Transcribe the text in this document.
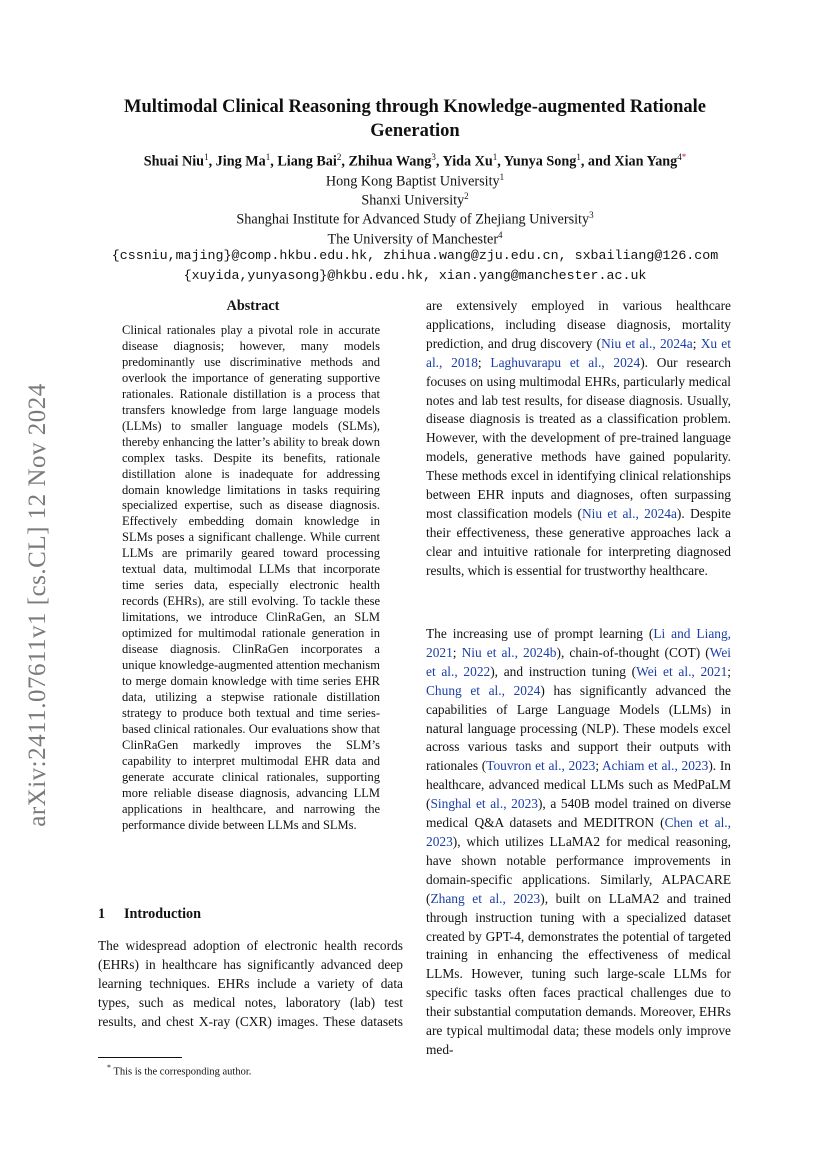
arXiv:2411.07611v1 [cs.CL] 12 Nov 2024
Multimodal Clinical Reasoning through Knowledge-augmented Rationale Generation
Shuai Niu$^1$, Jing Ma$^1$, Liang Bai$^2$, Zhihua Wang$^3$, Yida Xu$^1$, Yunya Song$^1$, and Xian Yang$^{4*}$
Hong Kong Baptist University$^1$
Shanxi University$^2$
Shanghai Institute for Advanced Study of Zhejiang University$^3$
The University of Manchester$^4$
{cssniu,majing}@comp.hkbu.edu.hk, zhihua.wang@zju.edu.cn, sxbailiang@126.com
{xuyida,yunyasong}@hkbu.edu.hk, xian.yang@manchester.ac.uk
Abstract

Clinical rationales play a pivotal role in accurate disease diagnosis; however, many models predominantly use discriminative methods and overlook the importance of generating supportive rationales. Rationale distillation is a process that transfers knowledge from large language models (LLMs) to smaller language models (SLMs), thereby enhancing the latter’s ability to break down complex tasks. Despite its benefits, rationale distillation alone is inadequate for addressing domain knowledge limitations in tasks requiring specialized expertise, such as disease diagnosis. Effectively embedding domain knowledge in SLMs poses a significant challenge. While current LLMs are primarily geared toward processing textual data, multimodal LLMs that incorporate time series data, especially electronic health records (EHRs), are still evolving. To tackle these limitations, we introduce ClinRaGen, an SLM optimized for multimodal rationale generation in disease diagnosis. ClinRaGen incorporates a unique knowledge-augmented attention mechanism to merge domain knowledge with time series EHR data, utilizing a stepwise rationale distillation strategy to produce both textual and time series-based clinical rationales. Our evaluations show that ClinRaGen markedly improves the SLM’s capability to interpret multimodal EHR data and generate accurate clinical rationales, supporting more reliable disease diagnosis, advancing LLM applications in healthcare, and narrowing the performance divide between LLMs and SLMs.

1 Introduction

The widespread adoption of electronic health records (EHRs) in healthcare has significantly advanced deep learning techniques. EHRs include a variety of data types, such as medical notes, laboratory (lab) test results, and chest X-ray (CXR) images. These datasets

are extensively employed in various healthcare applications, including disease diagnosis, mortality prediction, and drug discovery (Niu et al., 2024a; Xu et al., 2018; Laghuvarapu et al., 2024). Our research focuses on using multimodal EHRs, particularly medical notes and lab test results, for disease diagnosis. Usually, disease diagnosis is treated as a classification problem. However, with the development of pre-trained language models, generative methods have gained popularity. These methods excel in identifying clinical relationships between EHR inputs and diagnoses, often surpassing most classification models (Niu et al., 2024a). Despite their effectiveness, these generative approaches lack a clear and intuitive rationale for interpreting diagnosed results, which is essential for trustworthy healthcare.

The increasing use of prompt learning (Li and Liang, 2021; Niu et al., 2024b), chain-of-thought (COT) (Wei et al., 2022), and instruction tuning (Wei et al., 2021; Chung et al., 2024) has significantly advanced the capabilities of Large Language Models (LLMs) in natural language processing (NLP). These models excel across various tasks and support their outputs with rationales (Touvron et al., 2023; Achiam et al., 2023). In healthcare, advanced medical LLMs such as MedPaLM (Singhal et al., 2023), a 540B model trained on diverse medical Q&A datasets and MEDITRON (Chen et al., 2023), which utilizes LLaMA2 for medical reasoning, have shown notable performance improvements in domain-specific applications. Similarly, ALPACARE (Zhang et al., 2023), built on LLaMA2 and trained through instruction tuning with a specialized dataset created by GPT-4, demonstrates the potential of targeted training in enhancing the effectiveness of medical LLMs. However, tuning such large-scale LLMs for specific tasks often faces practical challenges due to their substantial computation demands. Moreover, EHRs are typical multimodal data; these models only improve med-

* This is the corresponding author.
